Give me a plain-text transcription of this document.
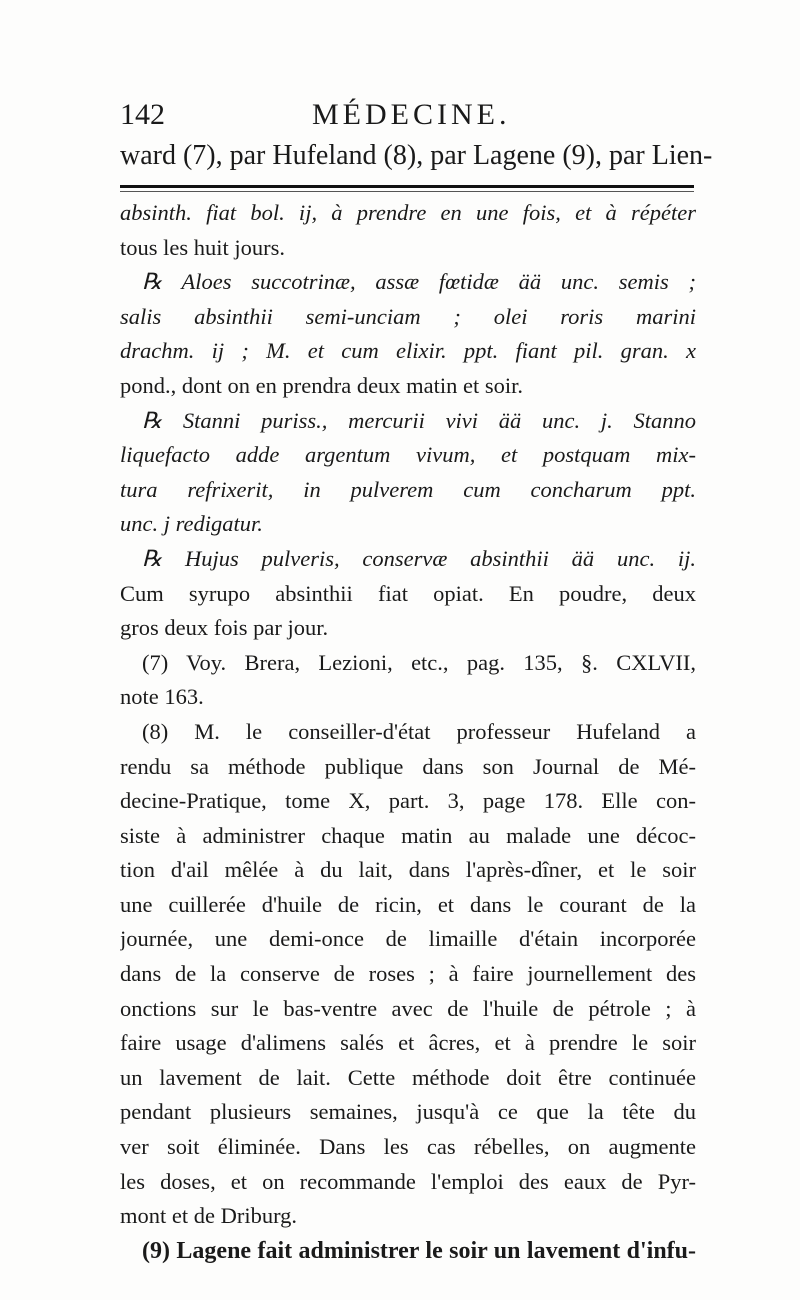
142	MÉDECINE.
ward (7), par Hufeland (8), par Lagene (9), par Lien-
absinth. fiat bol. ij, à prendre en une fois, et à répéter
tous les huit jours.
℞ Aloes succotrinæ, assæ fœtidæ ää unc. semis ;
salis absinthii semi-unciam ; olei roris marini
drachm. ij ; M. et cum elixir. ppt. fiant pil. gran. x
pond., dont on en prendra deux matin et soir.
℞ Stanni puriss., mercurii vivi ää unc. j. Stanno
liquefacto adde argentum vivum, et postquam mix-
tura refrixerit, in pulverem cum concharum ppt.
unc. j redigatur.
℞ Hujus pulveris, conservæ absinthii ää unc. ij.
Cum syrupo absinthii fiat opiat. En poudre, deux
gros deux fois par jour.
(7) Voy. Brera, Lezioni, etc., pag. 135, §. CXLVII,
note 163.
(8) M. le conseiller-d'état professeur Hufeland a
rendu sa méthode publique dans son Journal de Mé-
decine-Pratique, tome X, part. 3, page 178. Elle con-
siste à administrer chaque matin au malade une décoc-
tion d'ail mêlée à du lait, dans l'après-dîner, et le soir
une cuillerée d'huile de ricin, et dans le courant de la
journée, une demi-once de limaille d'étain incorporée
dans de la conserve de roses ; à faire journellement des
onctions sur le bas-ventre avec de l'huile de pétrole ; à
faire usage d'alimens salés et âcres, et à prendre le soir
un lavement de lait. Cette méthode doit être continuée
pendant plusieurs semaines, jusqu'à ce que la tête du
ver soit éliminée. Dans les cas rébelles, on augmente
les doses, et on recommande l'emploi des eaux de Pyr-
mont et de Driburg.
(9) Lagene fait administrer le soir un lavement d'infu-
